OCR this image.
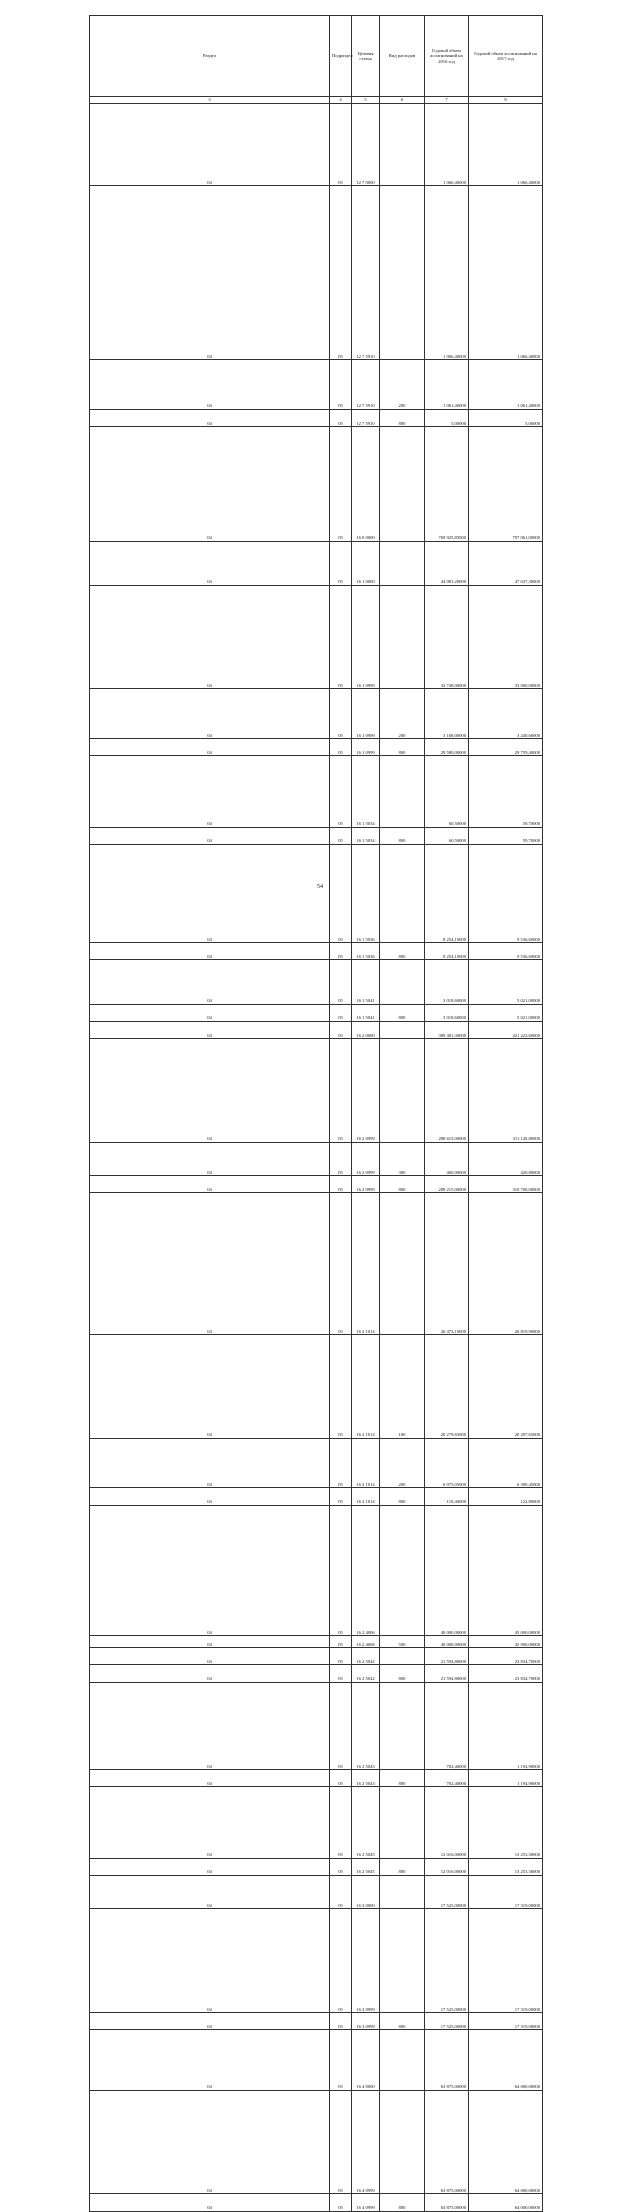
	Раздел	Подраздел	Целевая статья	Вид расходов	Годовой объем ассигнований на 2016 год	Годовой объем ассигнований на 2017 год
	3	4	5	6	7	8
	04	05	12 7 0000		1 066,40000	1 066,40000
	04	05	12 7 5910		1 066,40000	1 066,40000
	04	05	12 7 5910	200	1 061,40000	1 061,40000
	04	05	12 7 5910	800	5,00000	5,00000
	04	05	16 0 0000		769 925,85000	797 061,00000
	04	05	16 1 0000		44 081,20000	47 637,30000
	04	05	16 1 0999		32 748,00000	33 000,00000
	04	05	16 1 0999	200	3 168,00000	3 240,60000
	04	05	16 1 0999	800	29 580,00000	29 759,40000
	04	05	16 1 5034		60,50000	59,70000
	04	05	16 1 5034	800	60,50000	59,70000
	04	05	16 1 5036		8 254,10000	9 536,60000
	04	05	16 1 5036	800	8 254,10000	9 536,60000
	04	05	16 1 5041		3 018,60000	5 021,00000
	04	05	16 1 5041	800	3 018,60000	5 021,00000
	04	05	16 2 0000		389 401,30000	421 223,60000
	04	05	16 2 0999		288 615,00000	311 120,80000
	04	05	16 2 0999	300	400,00000	420,80000
	04	05	16 2 0999	800	288 215,00000	310 700,00000
	04	05	16 2 1014		26 473,10000	26 819,90000
	04	05	16 2 1014	100	20 279,65000	20 297,65000
	04	05	16 2 1014	200	6 075,05000	6 390,45000
	04	05	16 2 1014	800	118,40000	122,80000
	04	05	16 2 4006		40 000,00000	45 000,00000
	04	05	16 2 4006	500	40 000,00000	45 000,00000
	04	05	16 2 5042		21 594,80000	23 834,70000
	04	05	16 2 5042	800	21 594,80000	23 834,70000
	04	05	16 2 5043		702,40000	1 194,90000
	04	05	16 2 5043	800	702,40000	1 194,90000
	04	05	16 2 5045		12 016,00000	13 253,30000
	04	05	16 2 5045	800	12 016,00000	13 253,30000
	04	05	16 3 0000		17 525,00000	17 319,00000
	04	05	16 3 0999		17 525,00000	17 319,00000
	04	05	16 3 0999	800	17 525,00000	17 319,00000
	04	05	16 4 0000		63 875,00000	64 000,00000
	04	05	16 4 0999		63 875,00000	64 000,00000
	04	05	16 4 0999	800	63 875,00000	64 000,00000
54
